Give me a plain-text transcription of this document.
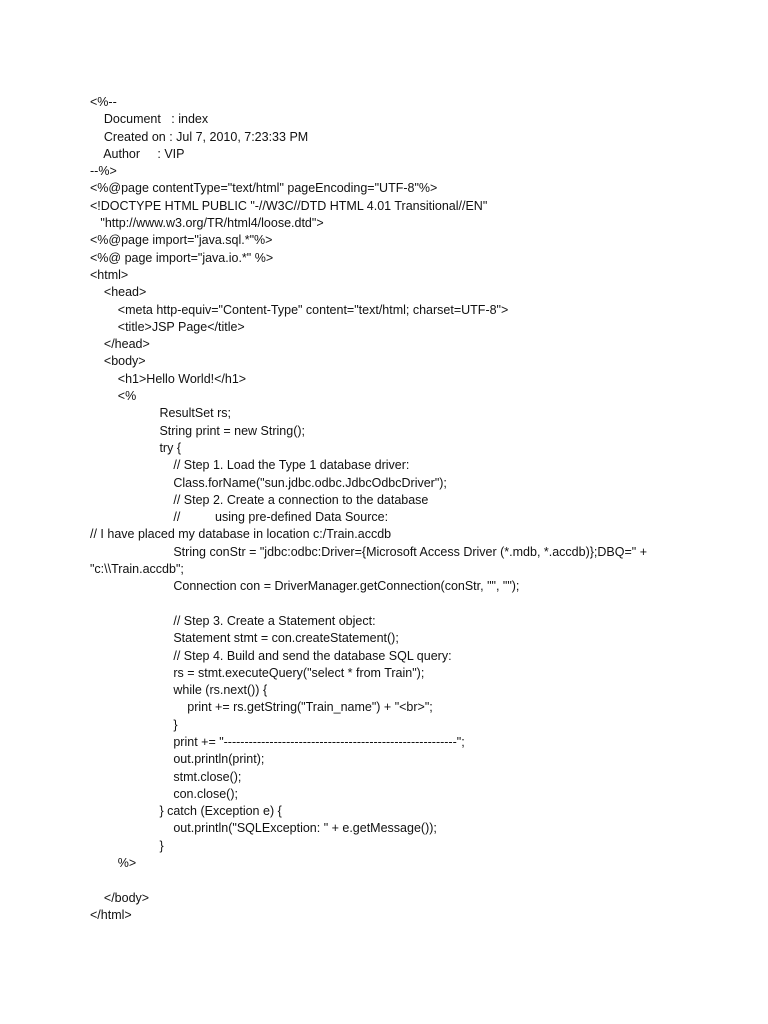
<%--
Document   : index
Created on : Jul 7, 2010, 7:23:33 PM
Author     : VIP
--%>
<%@page contentType="text/html" pageEncoding="UTF-8"%>
<!DOCTYPE HTML PUBLIC "-//W3C//DTD HTML 4.01 Transitional//EN"
"http://www.w3.org/TR/html4/loose.dtd">
<%@page import="java.sql.*"%>
<%@ page import="java.io.*" %>
<html>
<head>
<meta http-equiv="Content-Type" content="text/html; charset=UTF-8">
<title>JSP Page</title>
</head>
<body>
<h1>Hello World!</h1>
<%
ResultSet rs;
String print = new String();
try {
// Step 1. Load the Type 1 database driver:
Class.forName("sun.jdbc.odbc.JdbcOdbcDriver");
// Step 2. Create a connection to the database
//          using pre-defined Data Source:
// I have placed my database in location c:/Train.accdb
String conStr = "jdbc:odbc:Driver={Microsoft Access Driver (*.mdb, *.accdb)};DBQ=" +
"c:\\Train.accdb";
Connection con = DriverManager.getConnection(conStr, "", "");
// Step 3. Create a Statement object:
Statement stmt = con.createStatement();
// Step 4. Build and send the database SQL query:
rs = stmt.executeQuery("select * from Train");
while (rs.next()) {
print += rs.getString("Train_name") + "<br>";
}
print += "--------------------------------------------------------";
out.println(print);
stmt.close();
con.close();
} catch (Exception e) {
out.println("SQLException: " + e.getMessage());
}
%>
</body>
</html>
